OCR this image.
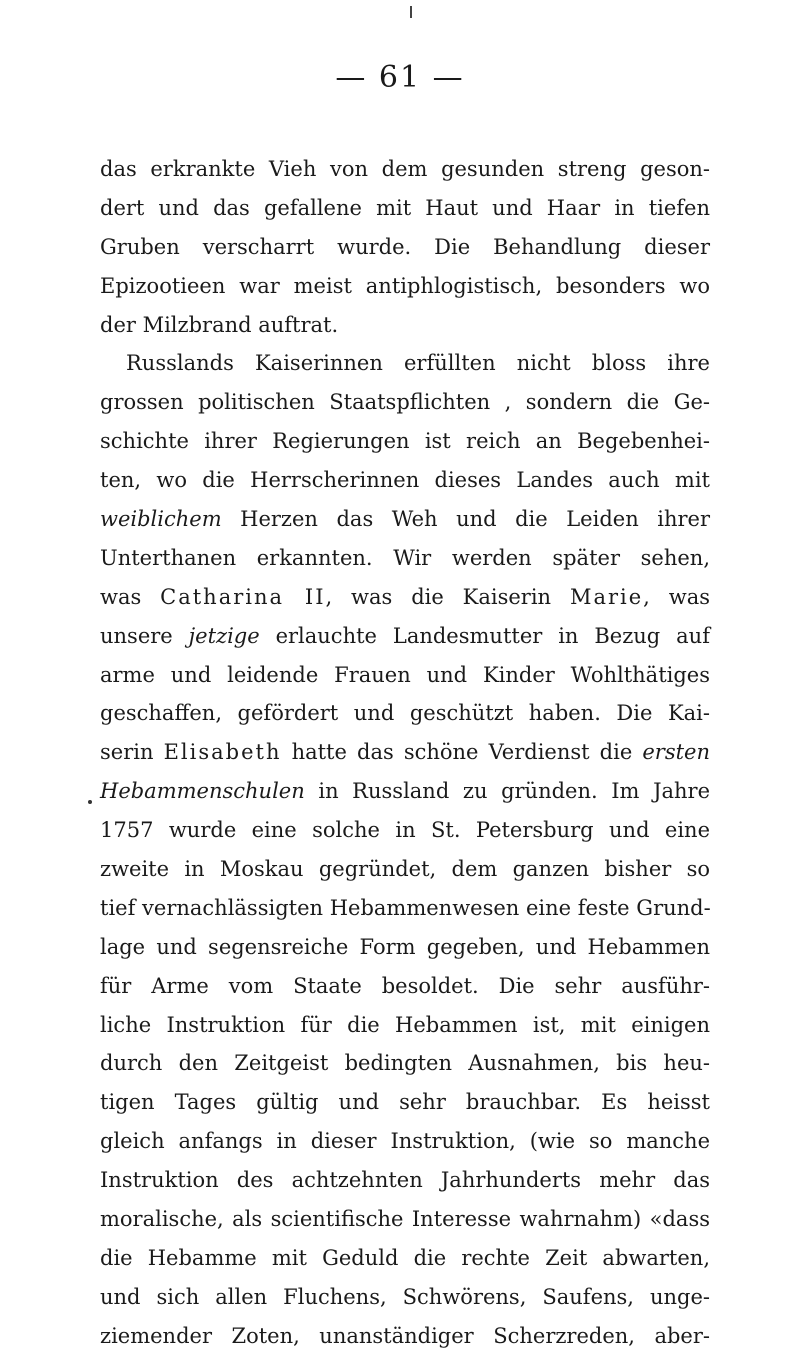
— 61 —
das erkrankte Vieh von dem gesunden streng geson-
dert und das gefallene mit Haut und Haar in tiefen
Gruben verscharrt wurde. Die Behandlung dieser
Epizootieen war meist antiphlogistisch, besonders wo
der Milzbrand auftrat.
Russlands Kaiserinnen erfüllten nicht bloss ihre
grossen politischen Staatspflichten , sondern die Ge-
schichte ihrer Regierungen ist reich an Begebenhei-
ten, wo die Herrscherinnen dieses Landes auch mit
weiblichem Herzen das Weh und die Leiden ihrer
Unterthanen erkannten. Wir werden später sehen,
was Catharina II, was die Kaiserin Marie, was
unsere jetzige erlauchte Landesmutter in Bezug auf
arme und leidende Frauen und Kinder Wohlthätiges
geschaffen, gefördert und geschützt haben. Die Kai-
serin Elisabeth hatte das schöne Verdienst die ersten
Hebammenschulen in Russland zu gründen. Im Jahre
1757 wurde eine solche in St. Petersburg und eine
zweite in Moskau gegründet, dem ganzen bisher so
tief vernachlässigten Hebammenwesen eine feste Grund-
lage und segensreiche Form gegeben, und Hebammen
für Arme vom Staate besoldet. Die sehr ausführ-
liche Instruktion für die Hebammen ist, mit einigen
durch den Zeitgeist bedingten Ausnahmen, bis heu-
tigen Tages gültig und sehr brauchbar. Es heisst
gleich anfangs in dieser Instruktion, (wie so manche
Instruktion des achtzehnten Jahrhunderts mehr das
moralische, als scientifische Interesse wahrnahm) «dass
die Hebamme mit Geduld die rechte Zeit abwarten,
und sich allen Fluchens, Schwörens, Saufens, unge-
ziemender Zoten, unanständiger Scherzreden, aber-
